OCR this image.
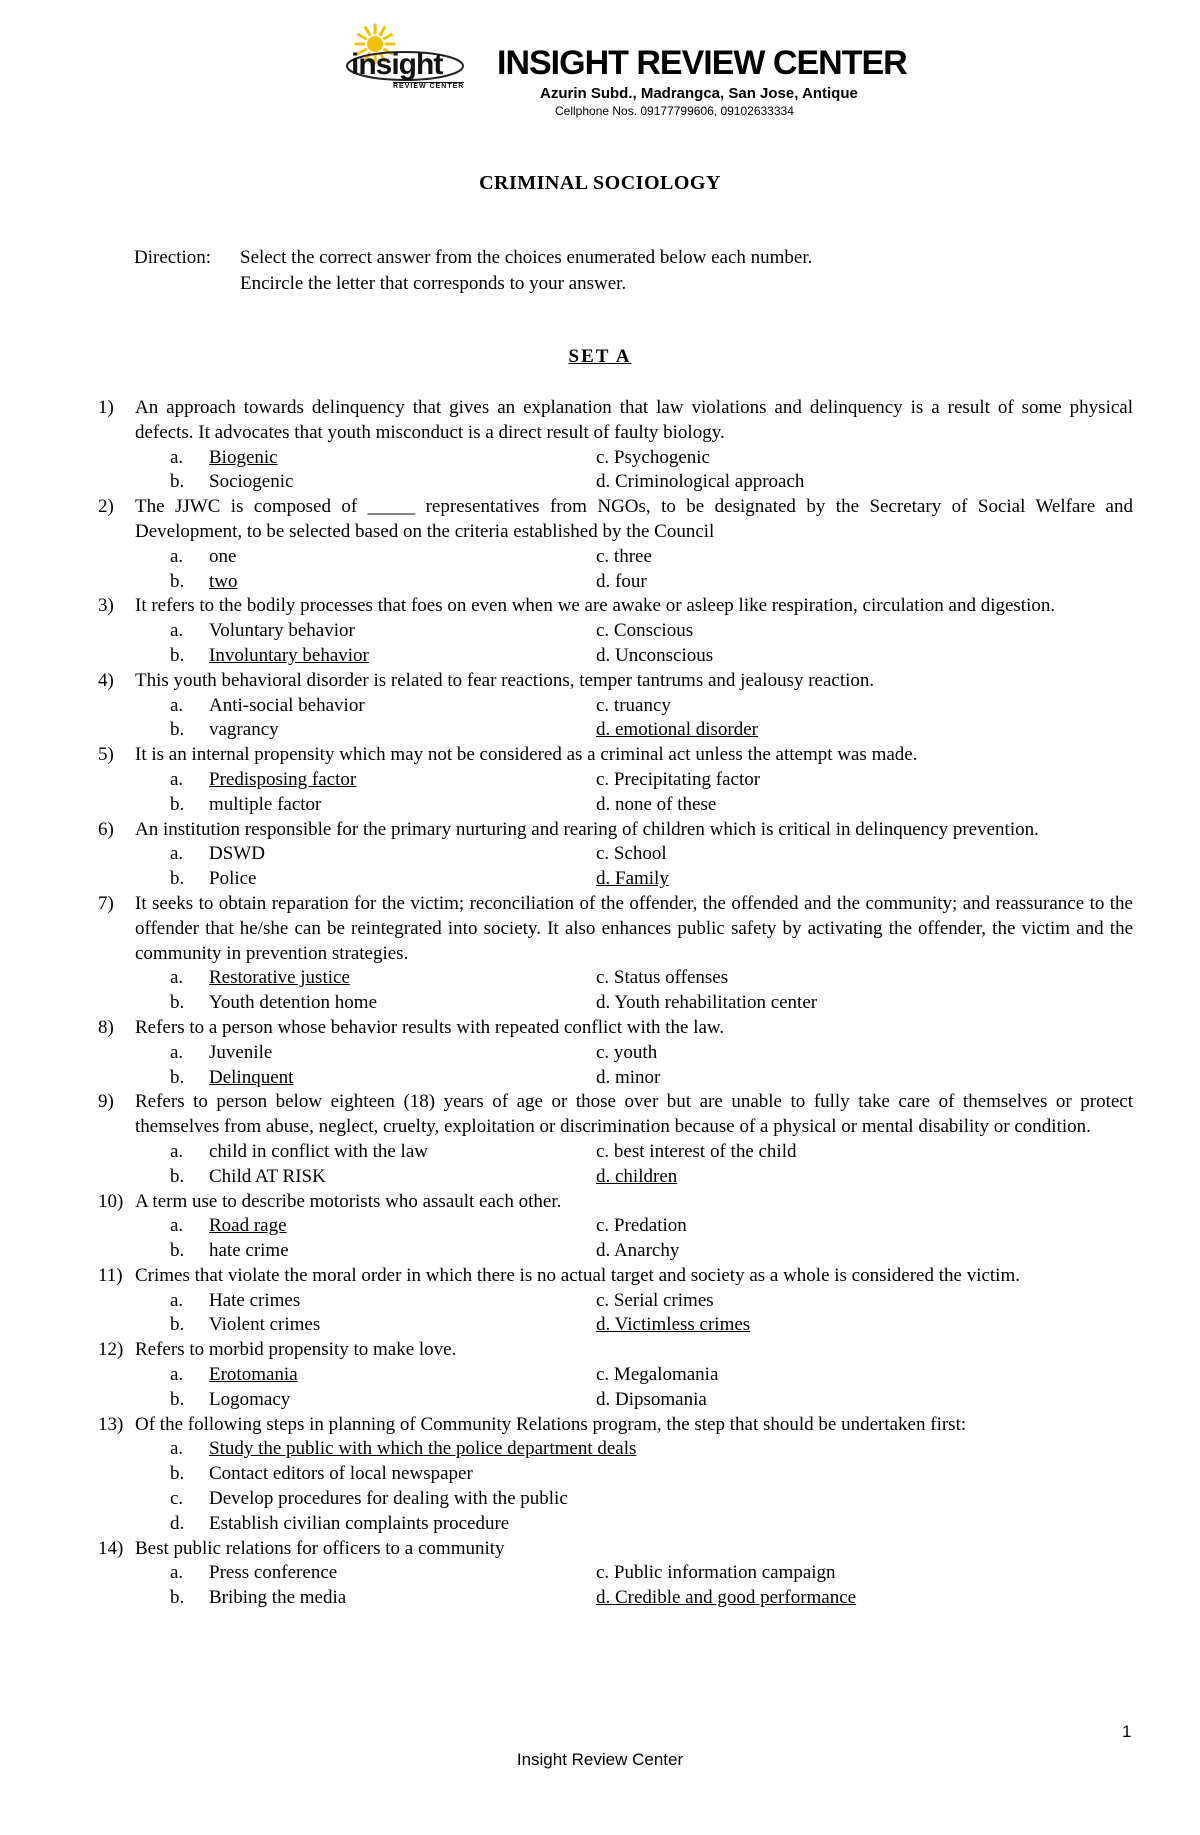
insight
REVIEW CENTER
INSIGHT REVIEW CENTER
Azurin Subd., Madrangca, San Jose, Antique
Cellphone Nos. 09177799606, 09102633334
CRIMINAL SOCIOLOGY
Direction: Select the correct answer from the choices enumerated below each number.
Encircle the letter that corresponds to your answer.
SET A
1) An approach towards delinquency that gives an explanation that law violations and delinquency is a result of some physical defects. It advocates that youth misconduct is a direct result of faulty biology.
a. Biogenic	c. Psychogenic
b. Sociogenic	d. Criminological approach
2) The JJWC is composed of _____ representatives from NGOs, to be designated by the Secretary of Social Welfare and Development, to be selected based on the criteria established by the Council
a. one	c. three
b. two	d. four
3) It refers to the bodily processes that foes on even when we are awake or asleep like respiration, circulation and digestion.
a. Voluntary behavior	c. Conscious
b. Involuntary behavior	d. Unconscious
4) This youth behavioral disorder is related to fear reactions, temper tantrums and jealousy reaction.
a. Anti-social behavior	c. truancy
b. vagrancy	d. emotional disorder
5) It is an internal propensity which may not be considered as a criminal act unless the attempt was made.
a. Predisposing factor	c. Precipitating factor
b. multiple factor	d. none of these
6) An institution responsible for the primary nurturing and rearing of children which is critical in delinquency prevention.
a. DSWD	c. School
b. Police	d. Family
7) It seeks to obtain reparation for the victim; reconciliation of the offender, the offended and the community; and reassurance to the offender that he/she can be reintegrated into society. It also enhances public safety by activating the offender, the victim and the community in prevention strategies.
a. Restorative justice	c. Status offenses
b. Youth detention home	d. Youth rehabilitation center
8) Refers to a person whose behavior results with repeated conflict with the law.
a. Juvenile	c. youth
b. Delinquent	d. minor
9) Refers to person below eighteen (18) years of age or those over but are unable to fully take care of themselves or protect themselves from abuse, neglect, cruelty, exploitation or discrimination because of a physical or mental disability or condition.
a. child in conflict with the law	c. best interest of the child
b. Child AT RISK	d. children
10) A term use to describe motorists who assault each other.
a. Road rage	c. Predation
b. hate crime	d. Anarchy
11) Crimes that violate the moral order in which there is no actual target and society as a whole is considered the victim.
a. Hate crimes	c. Serial crimes
b. Violent crimes	d. Victimless crimes
12) Refers to morbid propensity to make love.
a. Erotomania	c. Megalomania
b. Logomacy	d. Dipsomania
13) Of the following steps in planning of Community Relations program, the step that should be undertaken first:
a. Study the public with which the police department deals
b. Contact editors of local newspaper
c. Develop procedures for dealing with the public
d. Establish civilian complaints procedure
14) Best public relations for officers to a community
a. Press conference	c. Public information campaign
b. Bribing the media	d. Credible and good performance
1
Insight Review Center
